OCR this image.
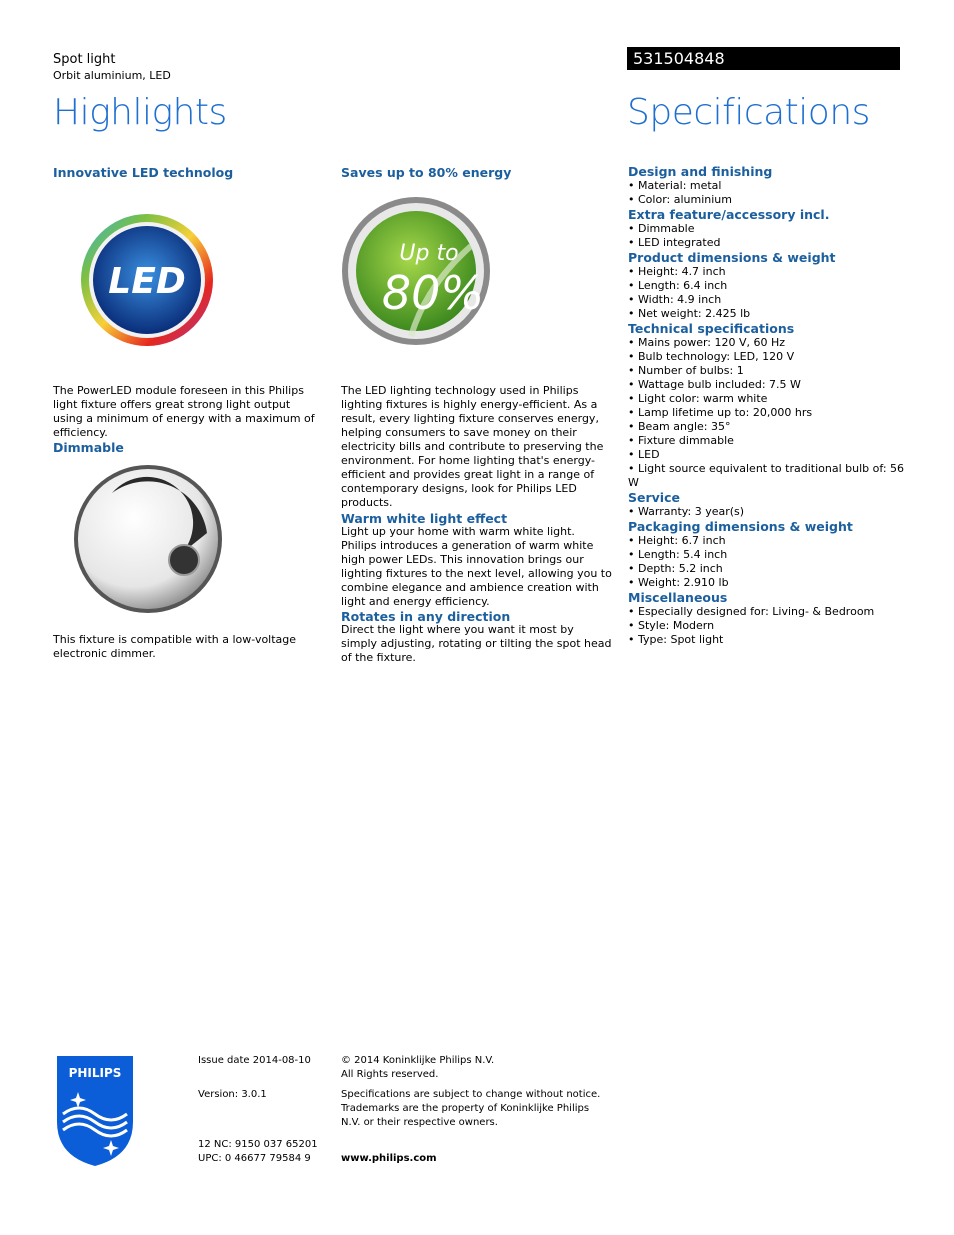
Spot light
Orbit aluminium, LED
Highlights
531504848
Specifications
Innovative LED technolog
LED
The PowerLED module foreseen in this Philips light fixture offers great strong light output using a minimum of energy with a maximum of efficiency.
Dimmable
This fixture is compatible with a low-voltage electronic dimmer.
Saves up to 80% energy
Up to
80%
The LED lighting technology used in Philips lighting fixtures is highly energy-efficient. As a result, every lighting fixture conserves energy, helping consumers to save money on their electricity bills and contribute to preserving the environment. For home lighting that's energy-efficient and provides great light in a range of contemporary designs, look for Philips LED products.
Warm white light effect
Light up your home with warm white light. Philips introduces a generation of warm white high power LEDs. This innovation brings our lighting fixtures to the next level, allowing you to combine elegance and ambience creation with light and energy efficiency.
Rotates in any direction
Direct the light where you want it most by simply adjusting, rotating or tilting the spot head of the fixture.
Design and finishing
• Material: metal
• Color: aluminium
Extra feature/accessory incl.
• Dimmable
• LED integrated
Product dimensions & weight
• Height: 4.7 inch
• Length: 6.4 inch
• Width: 4.9 inch
• Net weight: 2.425 lb
Technical specifications
• Mains power: 120 V, 60 Hz
• Bulb technology: LED, 120 V
• Number of bulbs: 1
• Wattage bulb included: 7.5 W
• Light color: warm white
• Lamp lifetime up to: 20,000 hrs
• Beam angle: 35°
• Fixture dimmable
• LED
• Light source equivalent to traditional bulb of: 56 W
Service
• Warranty: 3 year(s)
Packaging dimensions & weight
• Height: 6.7 inch
• Length: 5.4 inch
• Depth: 5.2 inch
• Weight: 2.910 lb
Miscellaneous
• Especially designed for: Living- & Bedroom
• Style: Modern
• Type: Spot light
PHILIPS
Issue date 2014-08-10
Version: 3.0.1
12 NC: 9150 037 65201
UPC: 0 46677 79584 9
© 2014 Koninklijke Philips N.V.
All Rights reserved.
Specifications are subject to change without notice. Trademarks are the property of Koninklijke Philips N.V. or their respective owners.
www.philips.com
